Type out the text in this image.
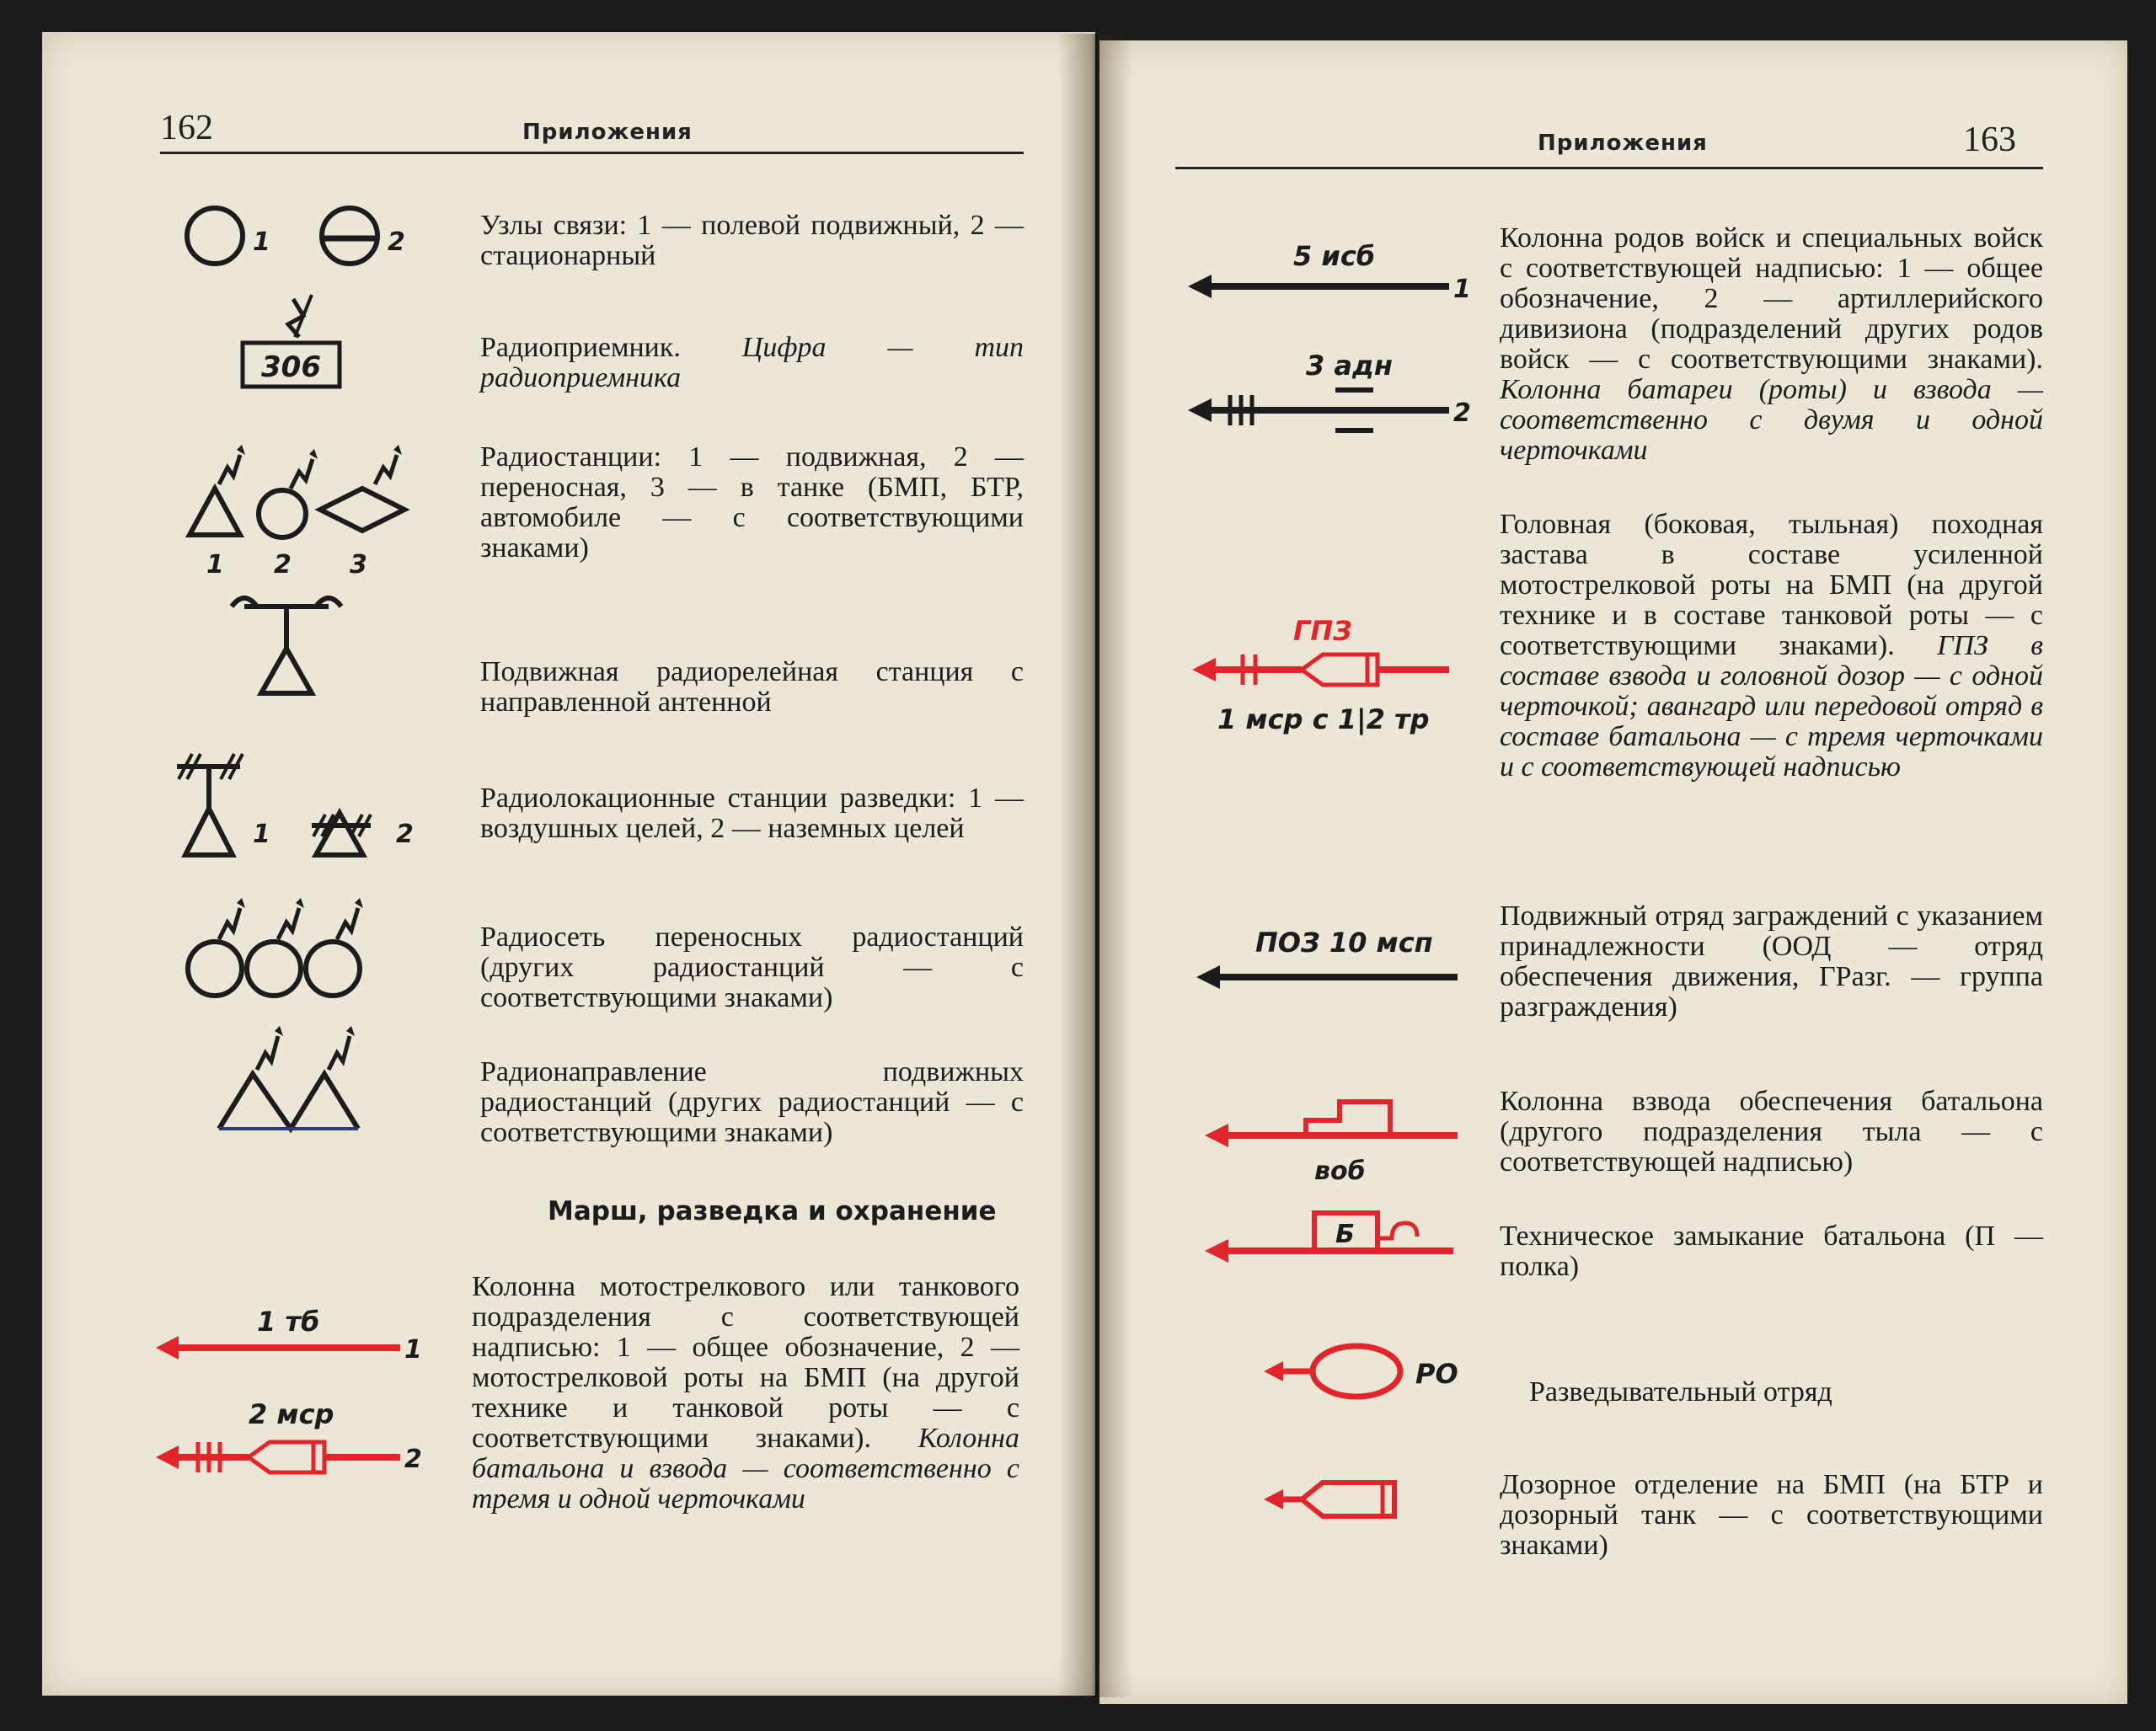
162	Приложения
1	2
306
1 2 3
1	2
1 тб
1
2 мср
2
Узлы связи: 1 — полевой подвижный, 2 — стационарный
Радиоприемник. Цифра — тип радиоприемника
Радиостанции: 1 — подвижная, 2 — переносная, 3 — в танке (БМП, БТР, автомобиле — с соответствующими знаками)
Подвижная радиорелейная станция с направленной антенной
Радиолокационные станции разведки: 1 — воздушных целей, 2 — наземных целей
Радиосеть переносных радиостанций (других радиостанций — с соответствующими знаками)
Радионаправление подвижных радиостанций (других радиостанций — с соответствующими знаками)
Марш, разведка и охранение
Колонна мотострелкового или танкового подразделения с соответствующей надписью: 1 — общее обозначение, 2 — мотострелковой роты на БМП (на другой технике и танковой роты — с соответствующими знаками). Колонна батальона и взвода — соответственно с тремя и одной черточками
Приложения	163
5 исб
1
3 адн
2
ГПЗ
1 мср с 1|2 тр
ПОЗ 10 мсп
воб
Б
РО
Колонна родов войск и специальных войск с соответствующей надписью: 1 — общее обозначение, 2 — артиллерийского дивизиона (подразделений других родов войск — с соответствующими знаками). Колонна батареи (роты) и взвода — соответственно с двумя и одной черточками
Головная (боковая, тыльная) походная застава в составе усиленной мотострелковой роты на БМП (на другой технике и в составе танковой роты — с соответствующими знаками). ГПЗ в составе взвода и головной дозор — с одной черточкой; авангард или передовой отряд в составе батальона — с тремя черточками и с соответствующей надписью
Подвижный отряд заграждений с указанием принадлежности (ООД — отряд обеспечения движения, ГРазг. — группа разграждения)
Колонна взвода обеспечения батальона (другого подразделения тыла — с соответствующей надписью)
Техническое замыкание батальона (П — полка)
Разведывательный отряд
Дозорное отделение на БМП (на БТР и дозорный танк — с соответствующими знаками)
